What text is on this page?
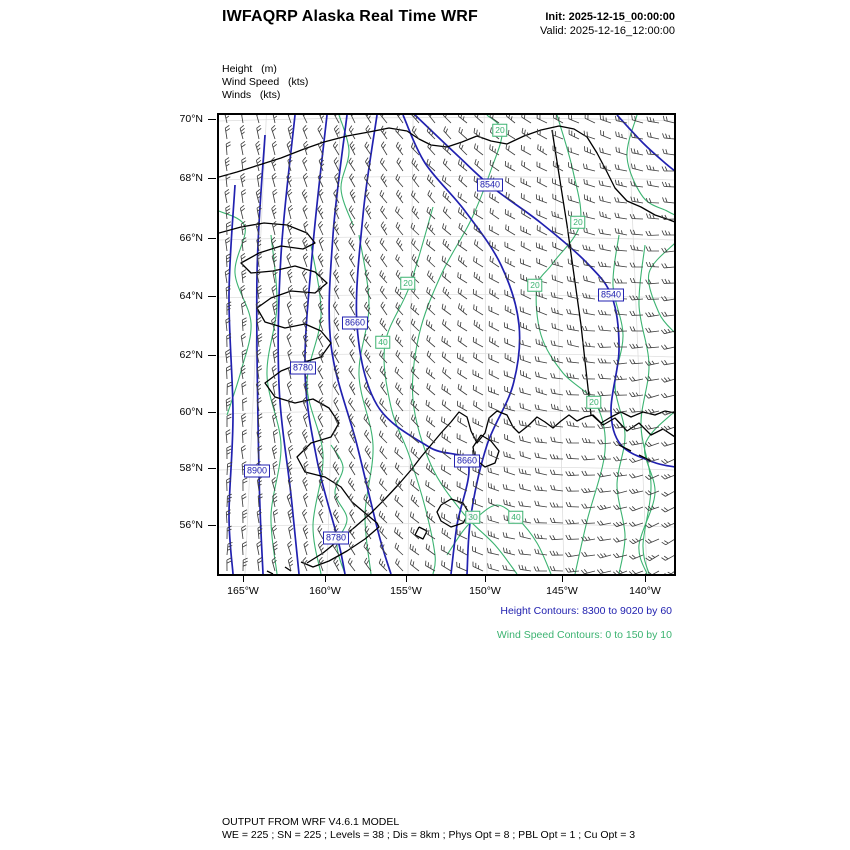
IWFAQRP Alaska Real Time WRF	Init: 2025-12-15_00:00:00
Valid: 2025-12-16_12:00:00
Height   (m)
Wind Speed   (kts)
Winds   (kts)
70°N
68°N
66°N
64°N
62°N
60°N
58°N
56°N
165°W	160°W	155°W	150°W	145°W	140°W
8540
8540
8660
8660
8780
8780
8900
20
20
20	20
40
20
30	40
Height Contours: 8300 to 9020 by 60
Wind Speed Contours: 0 to 150 by 10
OUTPUT FROM WRF V4.6.1 MODEL
WE = 225 ; SN = 225 ; Levels = 38 ; Dis = 8km ; Phys Opt = 8 ; PBL Opt = 1 ; Cu Opt = 3
